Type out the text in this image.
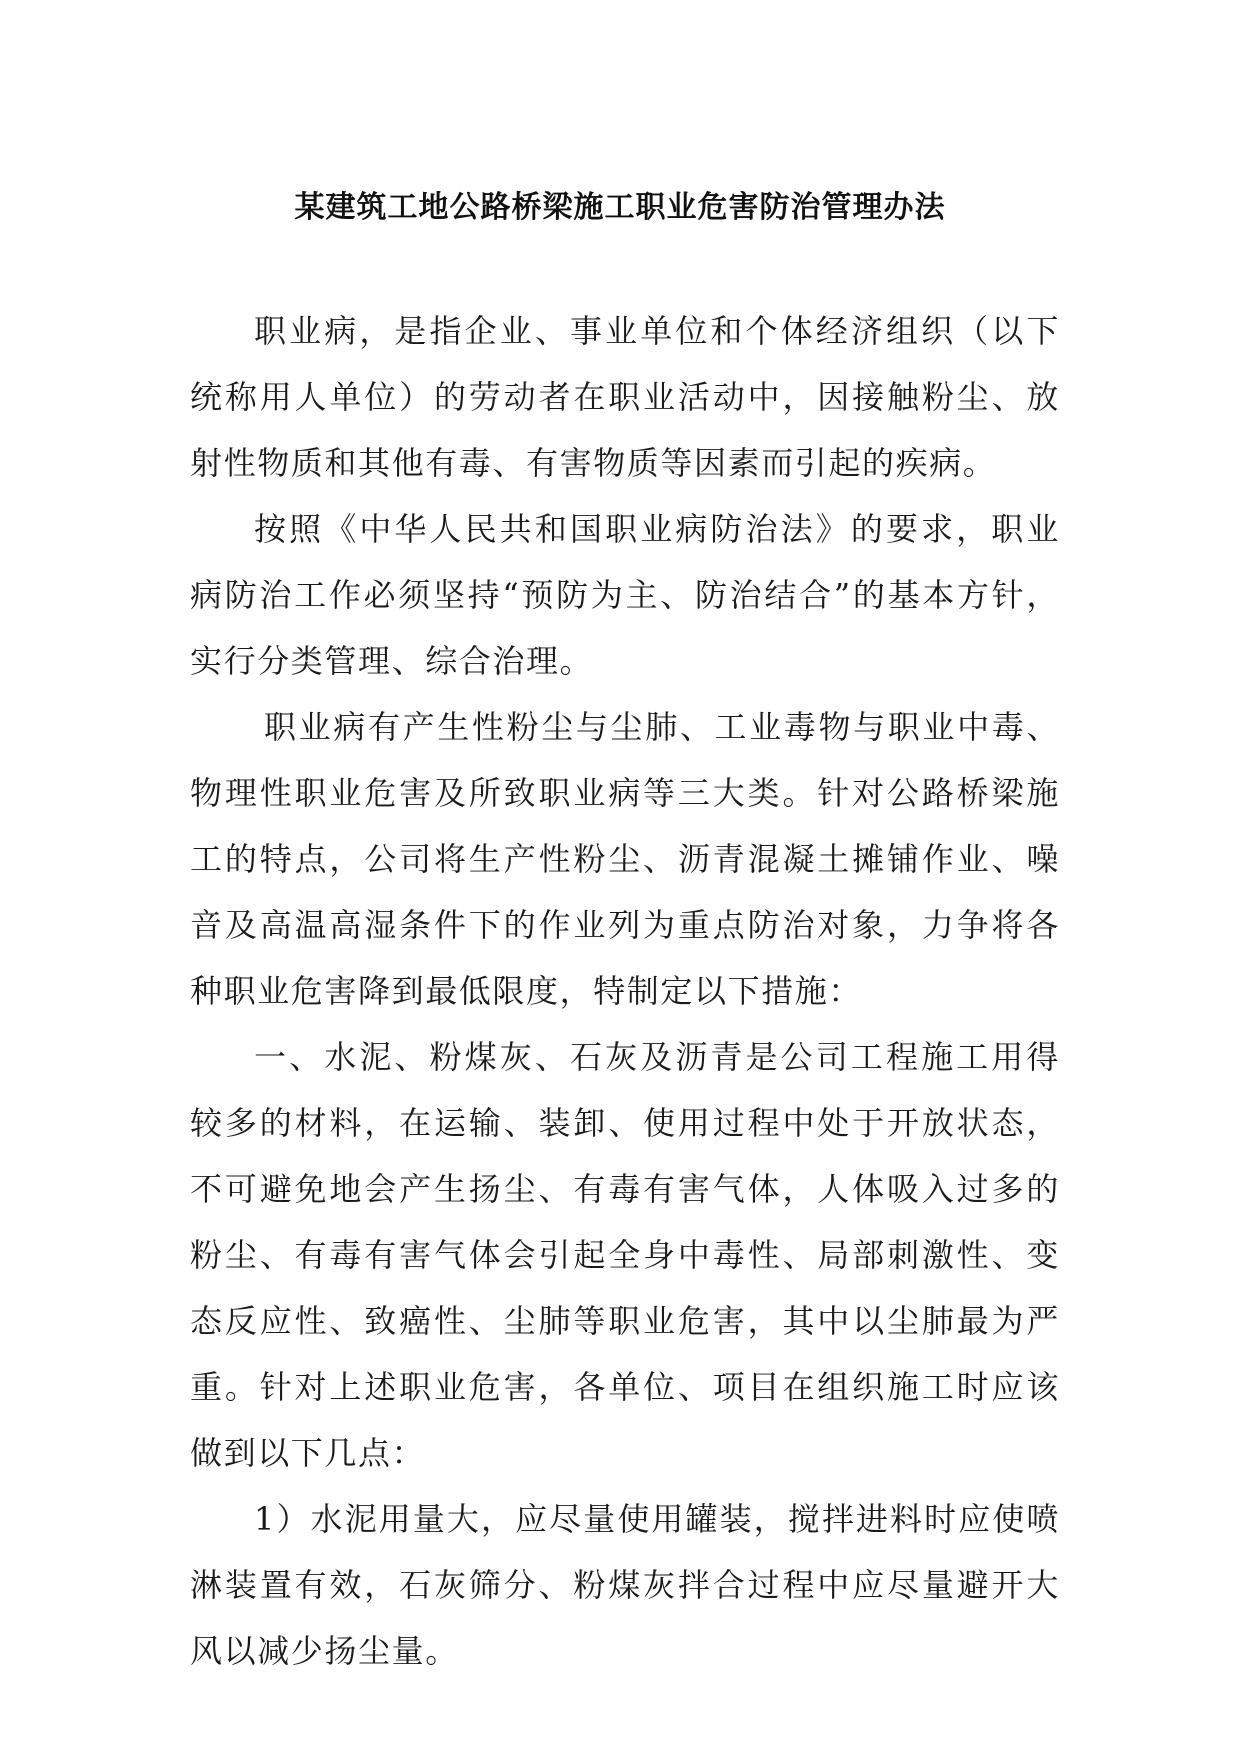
某建筑工地公路桥梁施工职业危害防治管理办法

职业病，是指企业、事业单位和个体经济组织（以下统称用人单位）的劳动者在职业活动中，因接触粉尘、放射性物质和其他有毒、有害物质等因素而引起的疾病。

按照《中华人民共和国职业病防治法》的要求，职业病防治工作必须坚持“预防为主、防治结合”的基本方针，实行分类管理、综合治理。

职业病有产生性粉尘与尘肺、工业毒物与职业中毒、物理性职业危害及所致职业病等三大类。针对公路桥梁施工的特点，公司将生产性粉尘、沥青混凝土摊铺作业、噪音及高温高湿条件下的作业列为重点防治对象，力争将各种职业危害降到最低限度，特制定以下措施：

一、水泥、粉煤灰、石灰及沥青是公司工程施工用得较多的材料，在运输、装卸、使用过程中处于开放状态，不可避免地会产生扬尘、有毒有害气体，人体吸入过多的粉尘、有毒有害气体会引起全身中毒性、局部刺激性、变态反应性、致癌性、尘肺等职业危害，其中以尘肺最为严重。针对上述职业危害，各单位、项目在组织施工时应该做到以下几点：

1）水泥用量大，应尽量使用罐装，搅拌进料时应使喷淋装置有效，石灰筛分、粉煤灰拌合过程中应尽量避开大风以减少扬尘量。
